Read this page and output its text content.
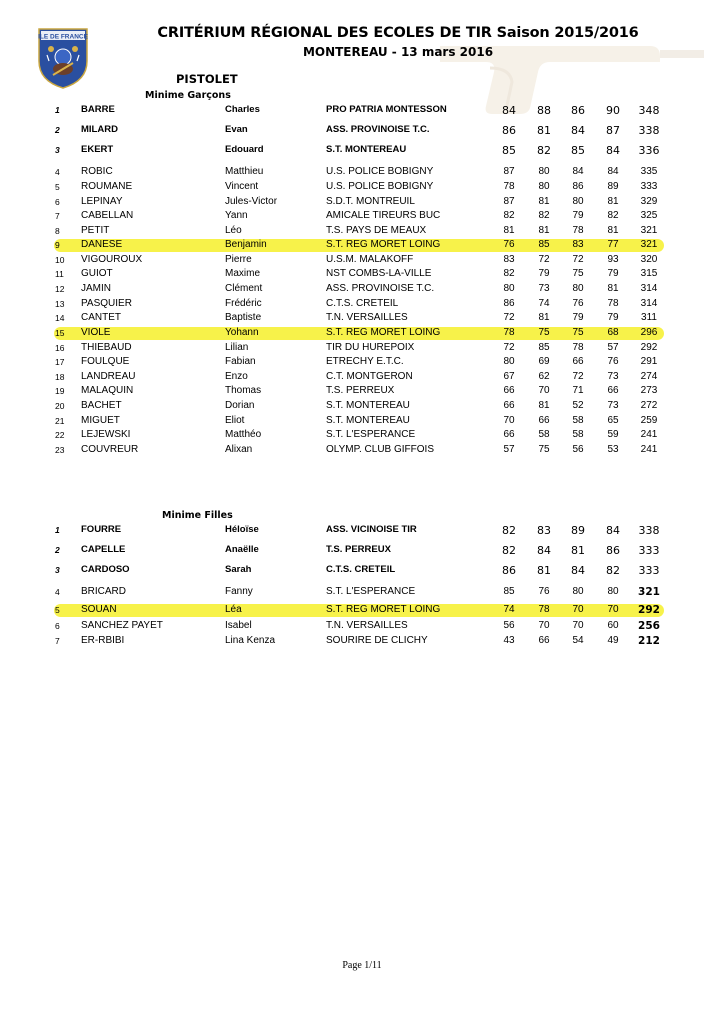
ILE DE FRANCE	CRITÉRIUM RÉGIONAL DES ECOLES DE TIR Saison 2015/2016
MONTEREAU - 13 mars 2016
PISTOLET
Minime Garçons
Minime Filles
1	BARRE	Charles	PRO PATRIA MONTESSON	84	88	86	90	348
2	MILARD	Evan	ASS. PROVINOISE T.C.	86	81	84	87	338
3	EKERT	Edouard	S.T. MONTEREAU	85	82	85	84	336
4	ROBIC	Matthieu	U.S. POLICE BOBIGNY	87	80	84	84	335
5	ROUMANE	Vincent	U.S. POLICE BOBIGNY	78	80	86	89	333
6	LEPINAY	Jules-Victor	S.D.T. MONTREUIL	87	81	80	81	329
7	CABELLAN	Yann	AMICALE TIREURS BUC	82	82	79	82	325
8	PETIT	Léo	T.S. PAYS DE MEAUX	81	81	78	81	321
9	DANESE	Benjamin	S.T. REG MORET LOING	76	85	83	77	321
10	VIGOUROUX	Pierre	U.S.M. MALAKOFF	83	72	72	93	320
11	GUIOT	Maxime	NST COMBS-LA-VILLE	82	79	75	79	315
12	JAMIN	Clément	ASS. PROVINOISE T.C.	80	73	80	81	314
13	PASQUIER	Frédéric	C.T.S. CRETEIL	86	74	76	78	314
14	CANTET	Baptiste	T.N. VERSAILLES	72	81	79	79	311
15	VIOLE	Yohann	S.T. REG MORET LOING	78	75	75	68	296
16	THIEBAUD	Lilian	TIR DU HUREPOIX	72	85	78	57	292
17	FOULQUE	Fabian	ETRECHY E.T.C.	80	69	66	76	291
18	LANDREAU	Enzo	C.T. MONTGERON	67	62	72	73	274
19	MALAQUIN	Thomas	T.S. PERREUX	66	70	71	66	273
20	BACHET	Dorian	S.T. MONTEREAU	66	81	52	73	272
21	MIGUET	Eliot	S.T. MONTEREAU	70	66	58	65	259
22	LEJEWSKI	Matthéo	S.T. L'ESPERANCE	66	58	58	59	241
23	COUVREUR	Alixan	OLYMP. CLUB GIFFOIS	57	75	56	53	241
1	FOURRE	Héloïse	ASS. VICINOISE TIR	82	83	89	84	338
2	CAPELLE	Anaëlle	T.S. PERREUX	82	84	81	86	333
3	CARDOSO	Sarah	C.T.S. CRETEIL	86	81	84	82	333
4	BRICARD	Fanny	S.T. L'ESPERANCE	85	76	80	80	321
5	SOUAN	Léa	S.T. REG MORET LOING	74	78	70	70	292
6	SANCHEZ PAYET	Isabel	T.N. VERSAILLES	56	70	70	60	256
7	ER-RBIBI	Lina Kenza	SOURIRE DE CLICHY	43	66	54	49	212
Page 1/11
